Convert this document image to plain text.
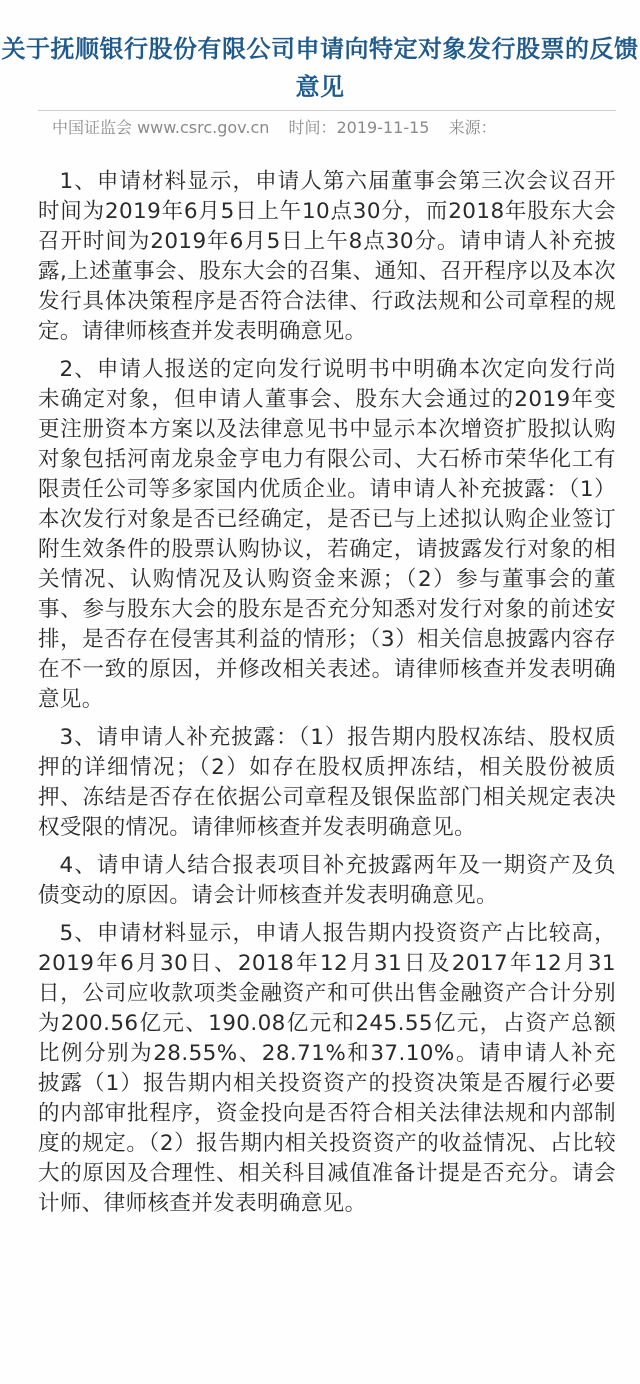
关于抚顺银行股份有限公司申请向特定对象发行股票的反馈意见
中国证监会 www.csrc.gov.cn 时间：2019-11-15 来源：

1、申请材料显示，申请人第六届董事会第三次会议召开时间为2019年6月5日上午10点30分，而2018年股东大会召开时间为2019年6月5日上午8点30分。请申请人补充披露,上述董事会、股东大会的召集、通知、召开程序以及本次发行具体决策程序是否符合法律、行政法规和公司章程的规定。请律师核查并发表明确意见。

2、申请人报送的定向发行说明书中明确本次定向发行尚未确定对象，但申请人董事会、股东大会通过的2019年变更注册资本方案以及法律意见书中显示本次增资扩股拟认购对象包括河南龙泉金亨电力有限公司、大石桥市荣华化工有限责任公司等多家国内优质企业。请申请人补充披露：（1）本次发行对象是否已经确定，是否已与上述拟认购企业签订附生效条件的股票认购协议，若确定，请披露发行对象的相关情况、认购情况及认购资金来源；（2）参与董事会的董事、参与股东大会的股东是否充分知悉对发行对象的前述安排，是否存在侵害其利益的情形；（3）相关信息披露内容存在不一致的原因，并修改相关表述。请律师核查并发表明确意见。

3、请申请人补充披露：（1）报告期内股权冻结、股权质押的详细情况；（2）如存在股权质押冻结，相关股份被质押、冻结是否存在依据公司章程及银保监部门相关规定表决权受限的情况。请律师核查并发表明确意见。

4、请申请人结合报表项目补充披露两年及一期资产及负债变动的原因。请会计师核查并发表明确意见。

5、申请材料显示，申请人报告期内投资资产占比较高，2019年6月30日、2018年12月31日及2017年12月31日，公司应收款项类金融资产和可供出售金融资产合计分别为200.56亿元、190.08亿元和245.55亿元，占资产总额比例分别为28.55%、28.71%和37.10%。请申请人补充披露（1）报告期内相关投资资产的投资决策是否履行必要的内部审批程序，资金投向是否符合相关法律法规和内部制度的规定。（2）报告期内相关投资资产的收益情况、占比较大的原因及合理性、相关科目减值准备计提是否充分。请会计师、律师核查并发表明确意见。
